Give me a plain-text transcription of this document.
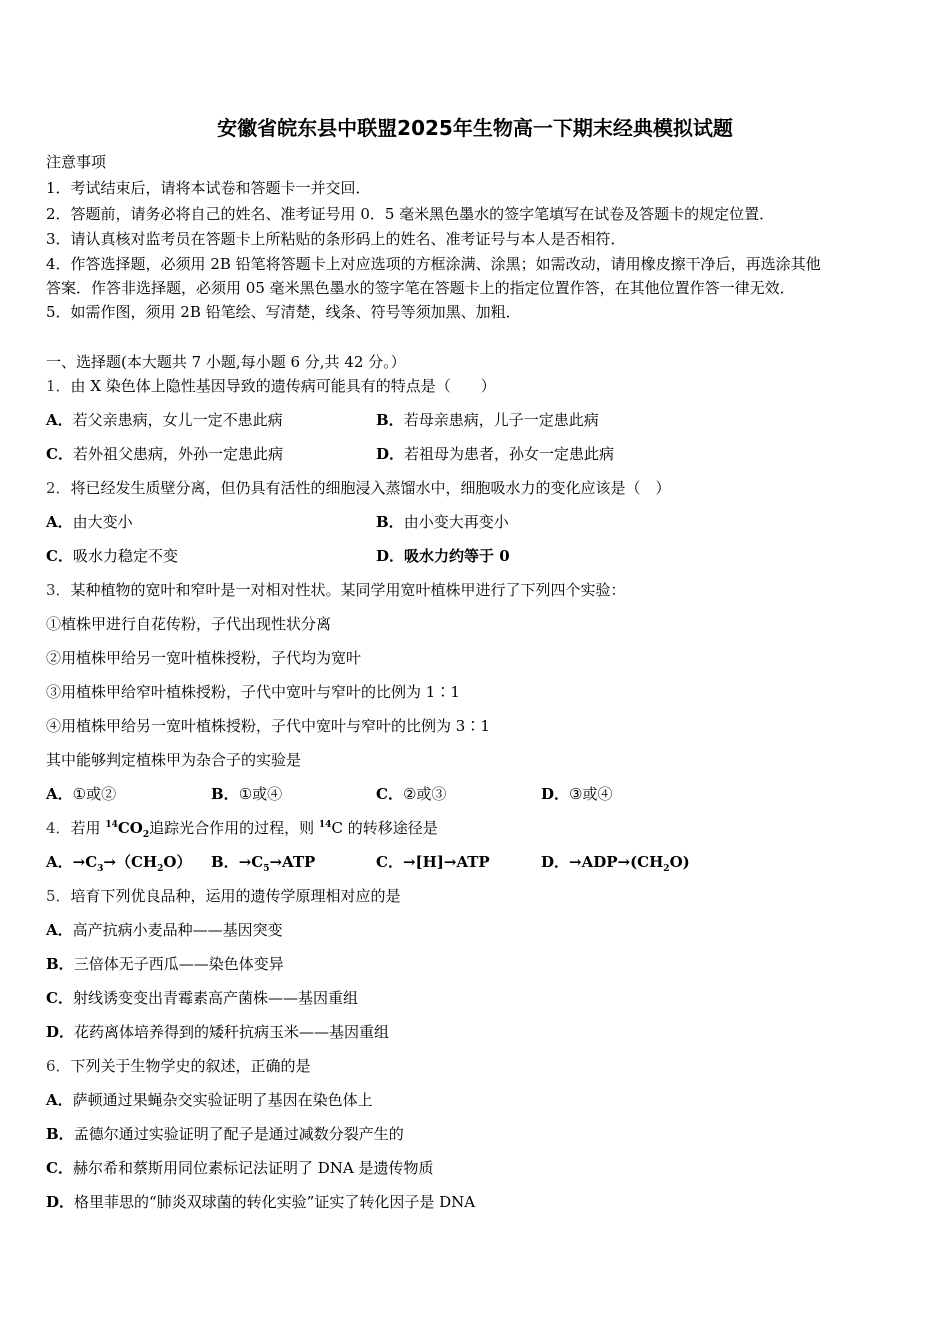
安徽省皖东县中联盟2025年生物高一下期末经典模拟试题
注意事项
1．考试结束后，请将本试卷和答题卡一并交回．
2．答题前，请务必将自己的姓名、准考证号用 0．5 毫米黑色墨水的签字笔填写在试卷及答题卡的规定位置．
3．请认真核对监考员在答题卡上所粘贴的条形码上的姓名、准考证号与本人是否相符．
4．作答选择题，必须用 2B 铅笔将答题卡上对应选项的方框涂满、涂黑；如需改动，请用橡皮擦干净后，再选涂其他
答案．作答非选择题，必须用 05 毫米黑色墨水的签字笔在答题卡上的指定位置作答，在其他位置作答一律无效．
5．如需作图，须用 2B 铅笔绘、写清楚，线条、符号等须加黑、加粗．
一、选择题(本大题共 7 小题,每小题 6 分,共 42 分。）
1．由 X 染色体上隐性基因导致的遗传病可能具有的特点是（　　）
A．若父亲患病，女儿一定不患此病	B．若母亲患病，儿子一定患此病
C．若外祖父患病，外孙一定患此病	D．若祖母为患者，孙女一定患此病
2．将已经发生质壁分离，但仍具有活性的细胞浸入蒸馏水中，细胞吸水力的变化应该是（　）
A．由大变小	B．由小变大再变小
C．吸水力稳定不变	D．吸水力约等于 0
3．某种植物的宽叶和窄叶是一对相对性状。某同学用宽叶植株甲进行了下列四个实验：
①植株甲进行自花传粉，子代出现性状分离
②用植株甲给另一宽叶植株授粉，子代均为宽叶
③用植株甲给窄叶植株授粉，子代中宽叶与窄叶的比例为 1∶1
④用植株甲给另一宽叶植株授粉，子代中宽叶与窄叶的比例为 3∶1
其中能够判定植株甲为杂合子的实验是
A．①或②	B．①或④	C．②或③	D．③或④
4．若用 $^{14}CO_2$追踪光合作用的过程，则 $^{14}$C 的转移途径是
A．$\to C_3\to(CH_2O)$ B．$\to C_5\to ATP$	C．→[H]→ATP	D．$\to ADP\to(CH_2O)$
5．培育下列优良品种，运用的遗传学原理相对应的是
A．高产抗病小麦品种——基因突变
B．三倍体无子西瓜——染色体变异
C．射线诱变变出青霉素高产菌株——基因重组
D．花药离体培养得到的矮秆抗病玉米——基因重组
6．下列关于生物学史的叙述，正确的是
A．萨顿通过果蝇杂交实验证明了基因在染色体上
B．孟德尔通过实验证明了配子是通过减数分裂产生的
C．赫尔希和蔡斯用同位素标记法证明了 DNA 是遗传物质
D．格里菲思的“肺炎双球菌的转化实验”证实了转化因子是 DNA
